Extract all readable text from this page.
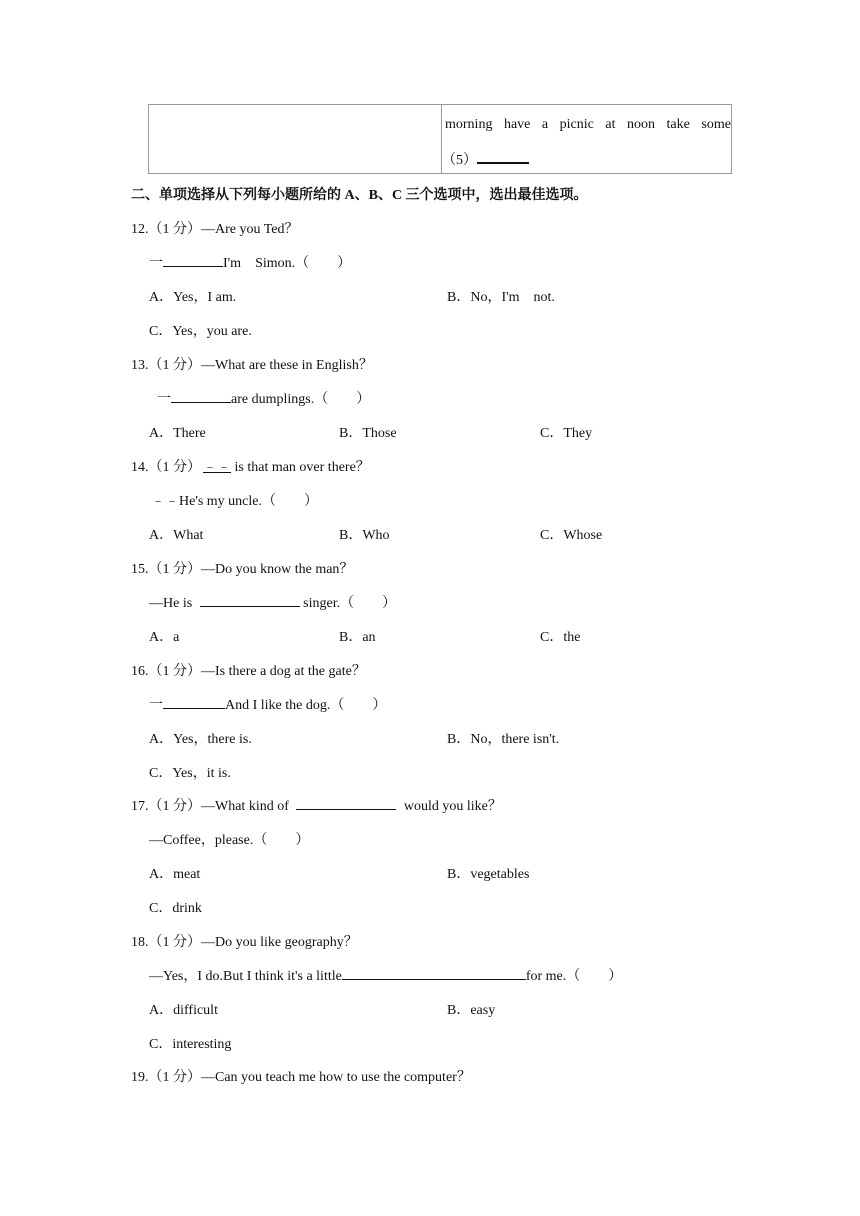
morning have a picnic at noon take some
（5）
二、单项选择从下列每小题所给的 A、B、C 三个选项中，选出最佳选项。
12.（1 分）—Are you Ted？
一	I'm　Simon.（　　）
A．Yes，I am.	B．No，I'm　not.
C．Yes，you are.
13.（1 分）—What are these in English？
一	are dumplings.（　　）
A．There	B．Those	C．They
14.（1 分） ﹣﹣ is that man over there？
﹣﹣He's my uncle.（　　）
A．What	B．Who	C．Whose
15.（1 分）—Do you know the man？
—He is	singer.（　　）
A．a	B．an	C．the
16.（1 分）—Is there a dog at the gate？
一	And I like the dog.（　　）
A．Yes，there is.	B．No，there isn't.
C．Yes，it is.
17.（1 分）—What kind of	would you like？
—Coffee，please.（　　）
A．meat	B．vegetables
C．drink
18.（1 分）—Do you like geography？
—Yes，I do.But I think it's a little	for me.（　　）
A．difficult	B．easy
C．interesting
19.（1 分）—Can you teach me how to use the computer？
